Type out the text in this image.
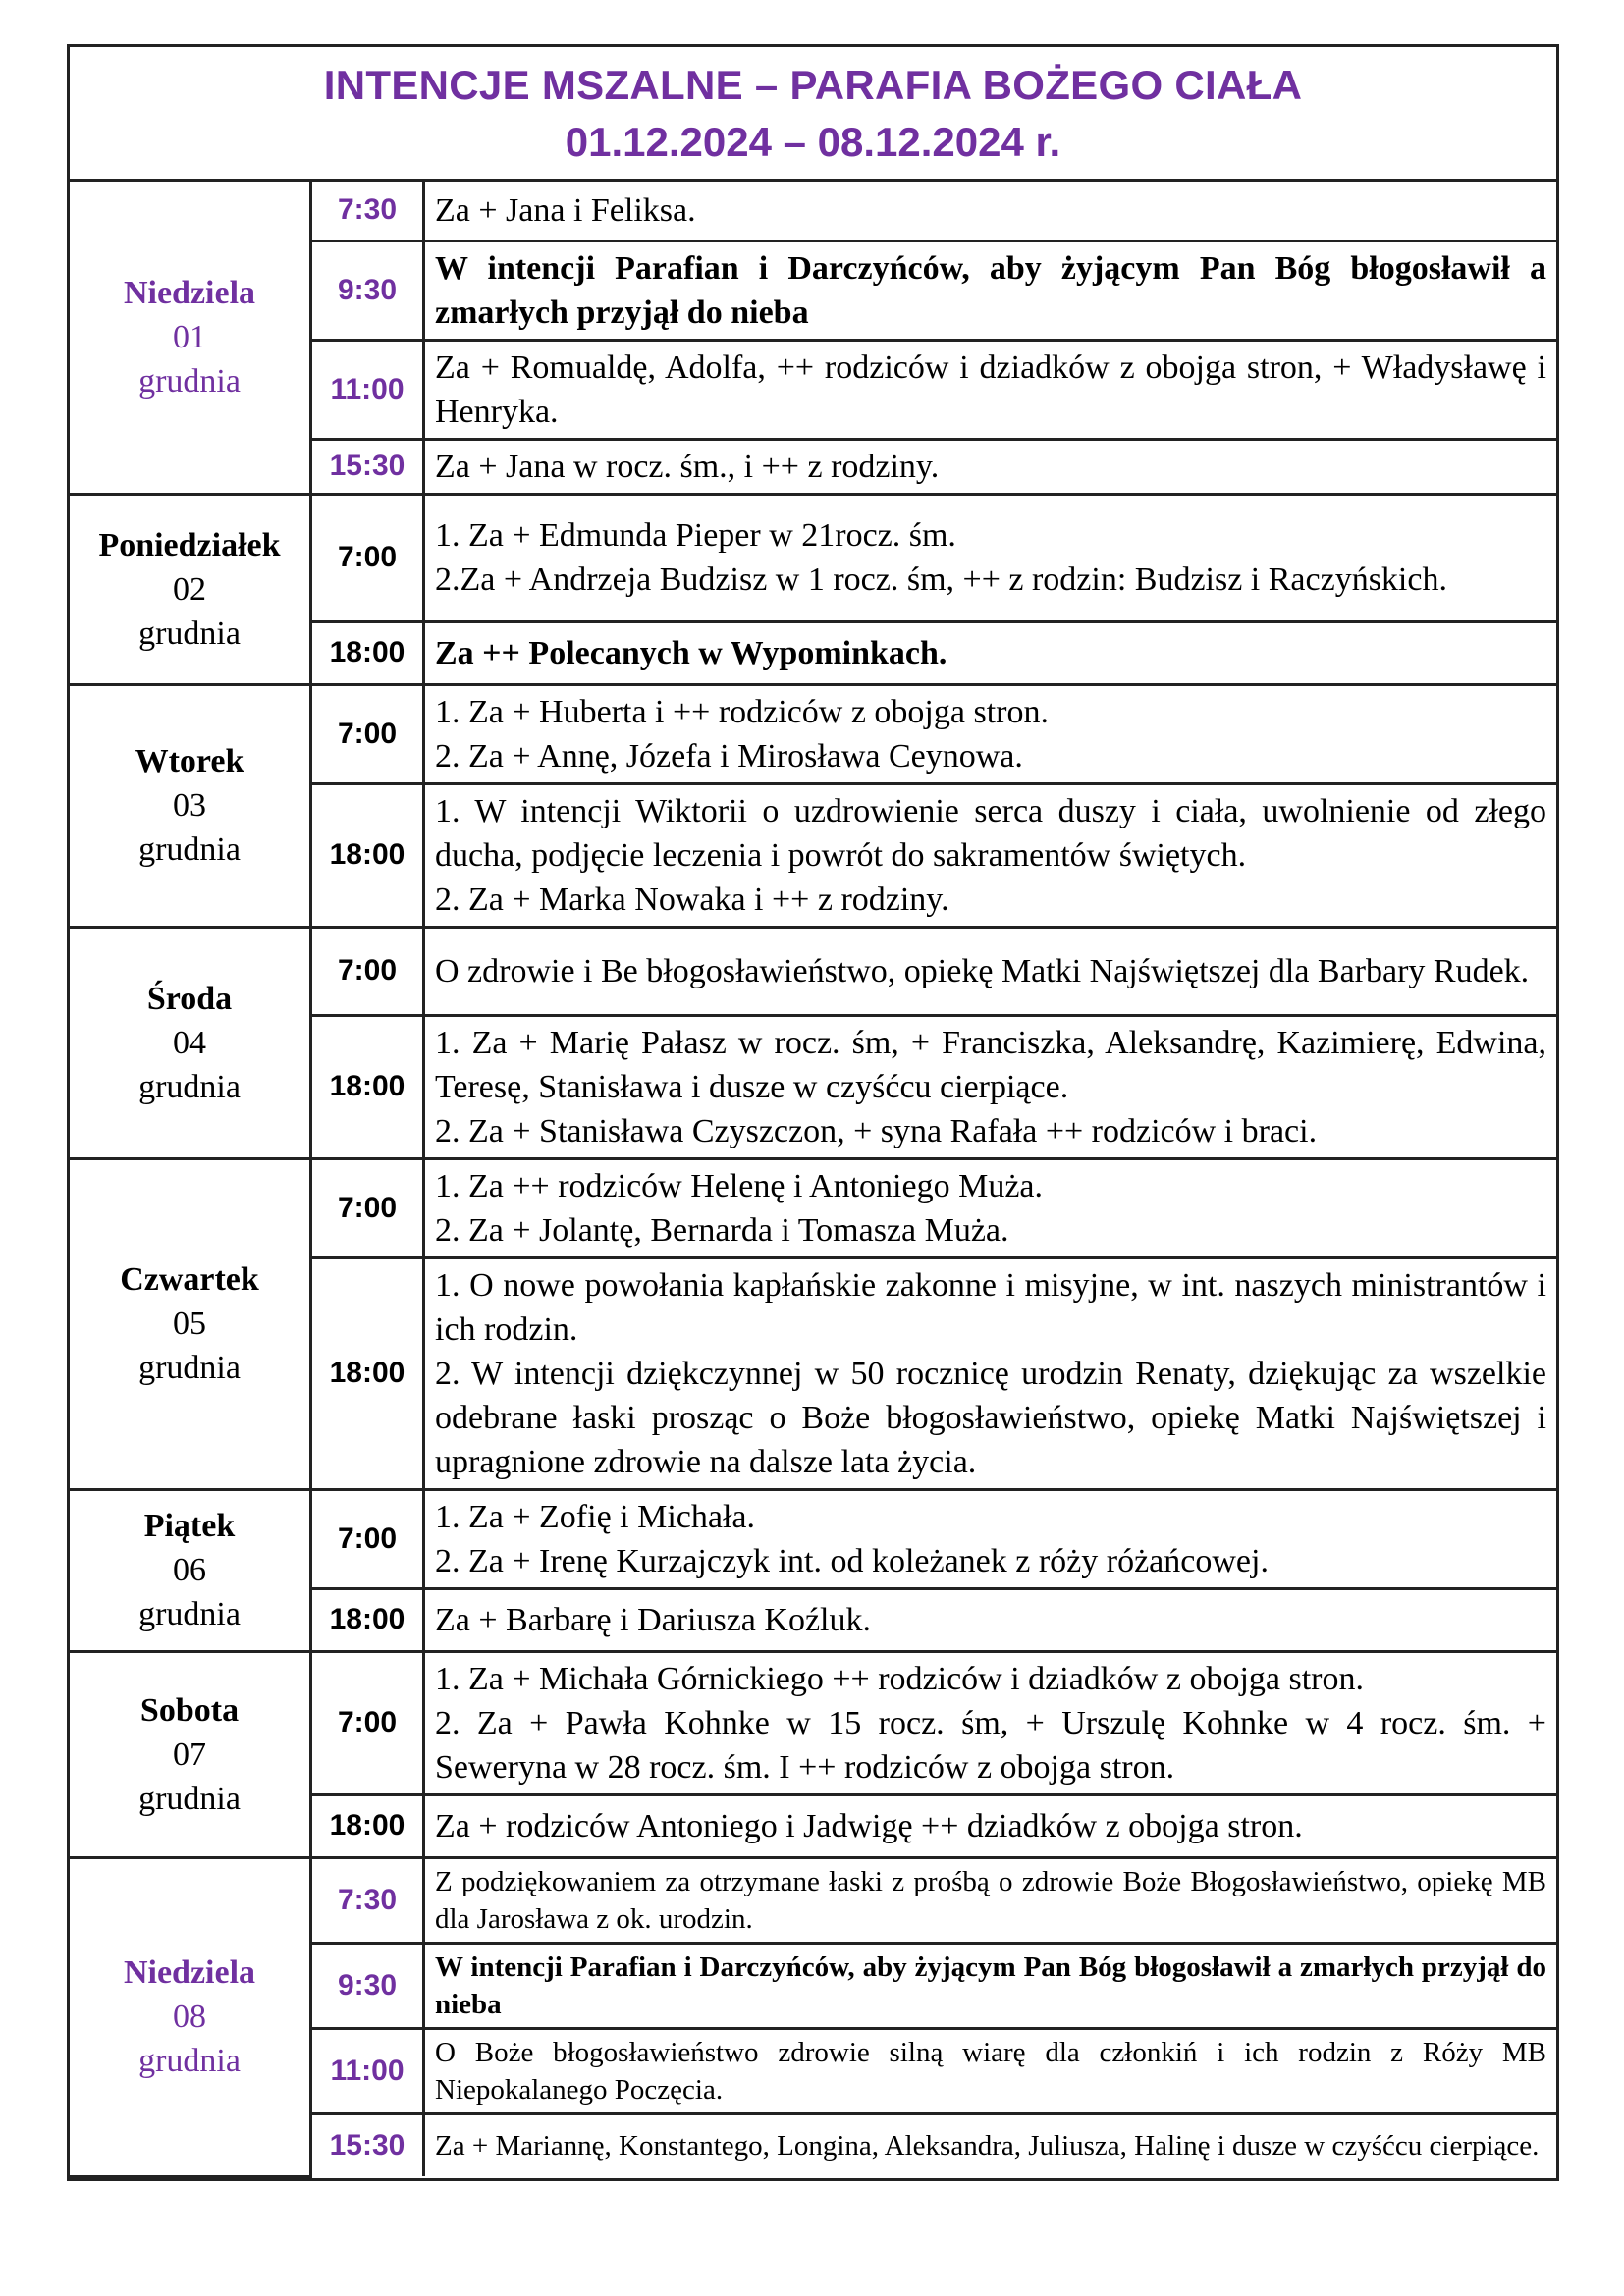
INTENCJE MSZALNE – PARAFIA BOŻEGO CIAŁA
01.12.2024 – 08.12.2024 r.
Niedziela
01
grudnia	7:30	Za + Jana i Feliksa.

	9:30	W intencji Parafian i Darczyńców, aby żyjącym Pan Bóg błogosławił a zmarłych przyjął do nieba

	11:00	Za + Romualdę, Adolfa, ++ rodziców i dziadków z obojga stron, + Władysławę i Henryka.

	15:30	Za + Jana w rocz. śm., i ++ z rodziny.

Poniedziałek
02
grudnia	7:00	1. Za + Edmunda Pieper w 21rocz. śm.
2.Za + Andrzeja Budzisz w 1 rocz. śm, ++ z rodzin: Budzisz i Raczyńskich.

	18:00	Za ++ Polecanych w Wypominkach.

Wtorek
03
grudnia	7:00	1. Za + Huberta i ++ rodziców z obojga stron.
2. Za + Annę, Józefa i Mirosława Ceynowa.

	18:00	1. W intencji Wiktorii o uzdrowienie serca duszy i ciała, uwolnienie od złego ducha, podjęcie leczenia i powrót do sakramentów świętych.
2. Za + Marka Nowaka i ++ z rodziny.

Środa
04
grudnia	7:00	O zdrowie i Be błogosławieństwo, opiekę Matki Najświętszej dla Barbary Rudek.

	18:00	1. Za + Marię Pałasz w rocz. śm, + Franciszka, Aleksandrę, Kazimierę, Edwina, Teresę, Stanisława i dusze w czyśćcu cierpiące.
2. Za + Stanisława Czyszczon, + syna Rafała ++ rodziców i braci.

Czwartek
05
grudnia	7:00	1. Za ++ rodziców Helenę i Antoniego Muża.
2. Za + Jolantę, Bernarda i Tomasza Muża.

	18:00	1. O nowe powołania kapłańskie zakonne i misyjne, w int. naszych ministrantów i ich rodzin.
2. W intencji dziękczynnej w 50 rocznicę urodzin Renaty, dziękując za wszelkie odebrane łaski prosząc o Boże błogosławieństwo, opiekę Matki Najświętszej i upragnione zdrowie na dalsze lata życia.

Piątek
06
grudnia	7:00	1. Za + Zofię i Michała.
2. Za + Irenę Kurzajczyk int. od koleżanek z róży różańcowej.

	18:00	Za + Barbarę i Dariusza Koźluk.

Sobota
07
grudnia	7:00	1. Za + Michała Górnickiego ++ rodziców i dziadków z obojga stron.
2. Za + Pawła Kohnke w 15 rocz. śm, + Urszulę Kohnke w 4 rocz. śm. + Seweryna w 28 rocz. śm. I ++ rodziców z obojga stron.

	18:00	Za + rodziców Antoniego i Jadwigę ++ dziadków z obojga stron.

Niedziela
08
grudnia	7:30	Z podziękowaniem za otrzymane łaski z prośbą o zdrowie Boże Błogosławieństwo, opiekę MB dla Jarosława z ok. urodzin.

	9:30	W intencji Parafian i Darczyńców, aby żyjącym Pan Bóg błogosławił a zmarłych przyjął do nieba

	11:00	O Boże błogosławieństwo zdrowie silną wiarę dla członkiń i ich rodzin z Róży MB Niepokalanego Poczęcia.

	15:30	Za + Mariannę, Konstantego, Longina, Aleksandra, Juliusza, Halinę i dusze w czyśćcu cierpiące.
